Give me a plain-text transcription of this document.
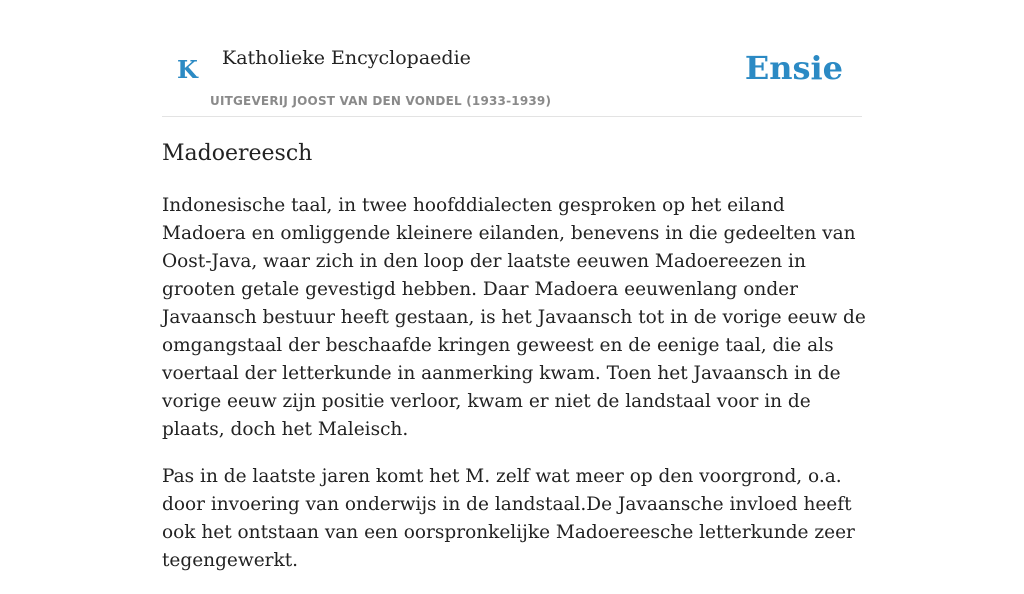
K Katholieke Encyclopaedie
UITGEVERIJ JOOST VAN DEN VONDEL (1933-1939)
Ensie
Madoereesch

Indonesische taal, in twee hoofddialecten gesproken op het eiland Madoera en omliggende kleinere eilanden, benevens in die gedeelten van Oost-Java, waar zich in den loop der laatste eeuwen Madoereezen in grooten getale gevestigd hebben. Daar Madoera eeuwenlang onder Javaansch bestuur heeft gestaan, is het Javaansch tot in de vorige eeuw de omgangstaal der beschaafde kringen geweest en de eenige taal, die als voertaal der letterkunde in aanmerking kwam. Toen het Javaansch in de vorige eeuw zijn positie verloor, kwam er niet de landstaal voor in de plaats, doch het Maleisch.

Pas in de laatste jaren komt het M. zelf wat meer op den voorgrond, o.a. door invoering van onderwijs in de landstaal.De Javaansche invloed heeft ook het ontstaan van een oorspronkelijke Madoereesche letterkunde zeer tegengewerkt.
